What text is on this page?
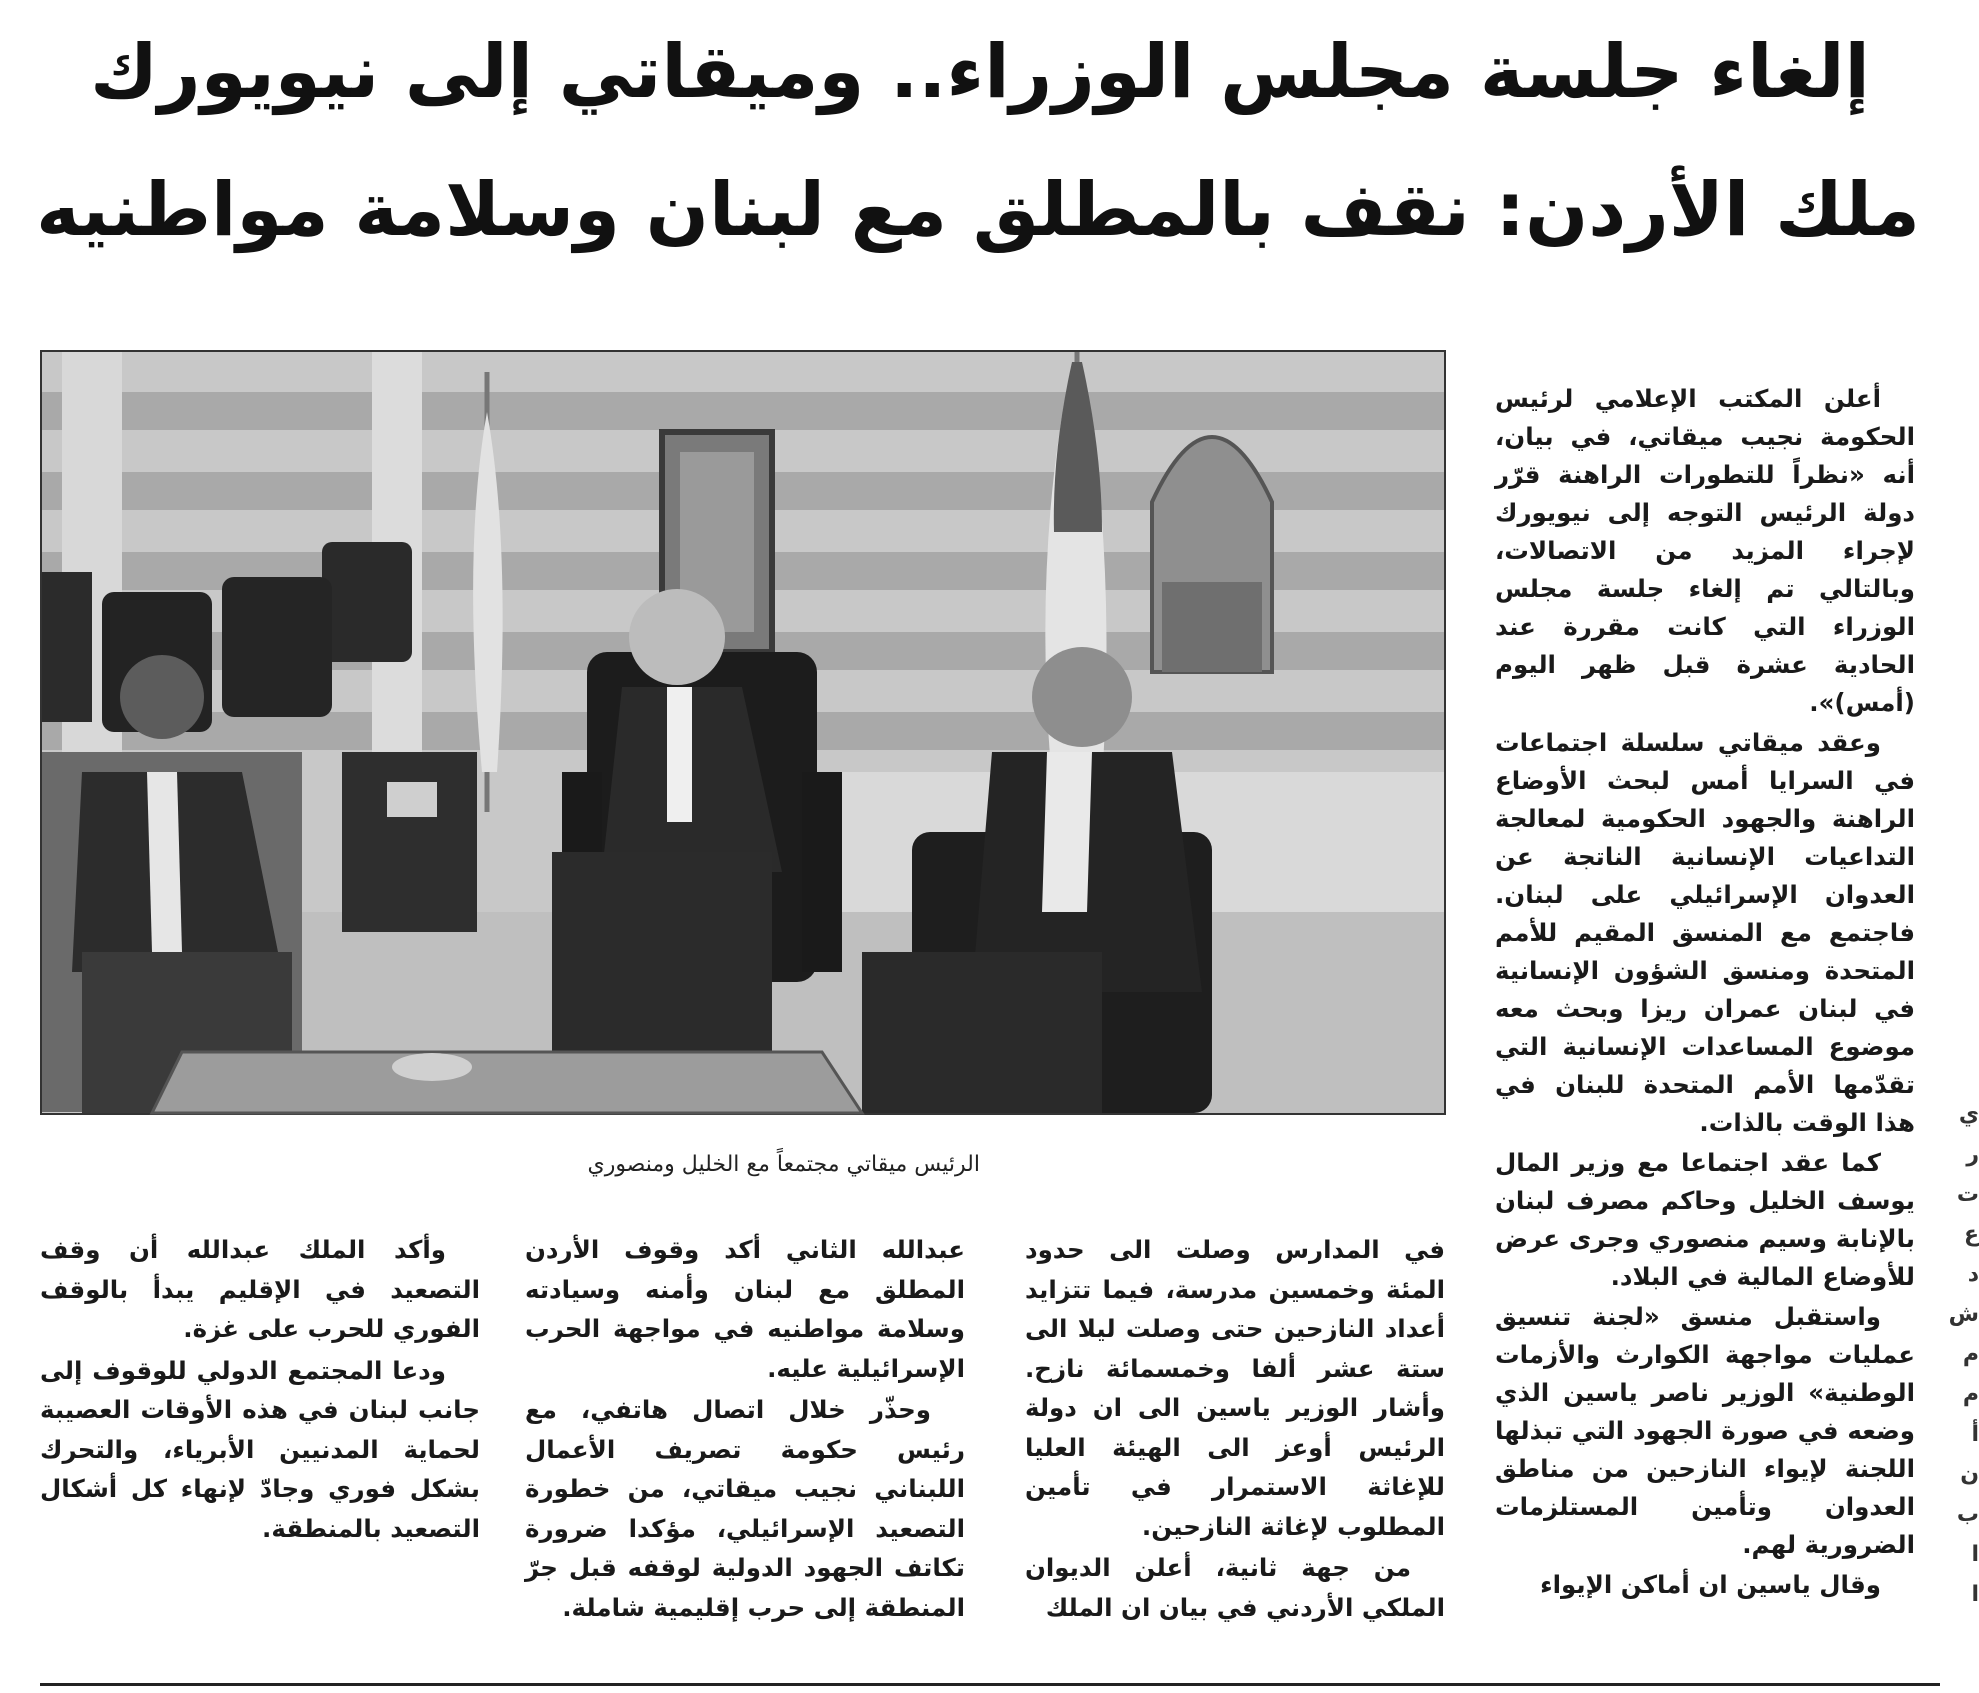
إلغاء جلسة مجلس الوزراء.. وميقاتي إلى نيويورك
ملك الأردن: نقف بالمطلق مع لبنان وسلامة مواطنيه

أعلن المكتب الإعلامي لرئيس الحكومة نجيب ميقاتي، في بيان، أنه «نظراً للتطورات الراهنة قرّر دولة الرئيس التوجه إلى نيويورك لإجراء المزيد من الاتصالات، وبالتالي تم إلغاء جلسة مجلس الوزراء التي كانت مقررة عند الحادية عشرة قبل ظهر اليوم (أمس)».

وعقد ميقاتي سلسلة اجتماعات في السرايا أمس لبحث الأوضاع الراهنة والجهود الحكومية لمعالجة التداعيات الإنسانية الناتجة عن العدوان الإسرائيلي على لبنان. فاجتمع مع المنسق المقيم للأمم المتحدة ومنسق الشؤون الإنسانية في لبنان عمران ريزا وبحث معه موضوع المساعدات الإنسانية التي تقدّمها الأمم المتحدة للبنان في هذا الوقت بالذات.

كما عقد اجتماعا مع وزير المال يوسف الخليل وحاكم مصرف لبنان بالإنابة وسيم منصوري وجرى عرض للأوضاع المالية في البلاد.

واستقبل منسق «لجنة تنسيق عمليات مواجهة الكوارث والأزمات الوطنية» الوزير ناصر ياسين الذي وضعه في صورة الجهود التي تبذلها اللجنة لإيواء النازحين من مناطق العدوان وتأمين المستلزمات الضرورية لهم.

وقال ياسين ان أماكن الإيواء

الرئيس ميقاتي مجتمعاً مع الخليل ومنصوري

في المدارس وصلت الى حدود المئة وخمسين مدرسة، فيما تتزايد أعداد النازحين حتى وصلت ليلا الى ستة عشر ألفا وخمسمائة نازح. وأشار الوزير ياسين الى ان دولة الرئيس أوعز الى الهيئة العليا للإغاثة الاستمرار في تأمين المطلوب لإغاثة النازحين.

من جهة ثانية، أعلن الديوان الملكي الأردني في بيان ان الملك

عبدالله الثاني أكد وقوف الأردن المطلق مع لبنان وأمنه وسيادته وسلامة مواطنيه في مواجهة الحرب الإسرائيلية عليه.

وحذّر خلال اتصال هاتفي، مع رئيس حكومة تصريف الأعمال اللبناني نجيب ميقاتي، من خطورة التصعيد الإسرائيلي، مؤكدا ضرورة تكاتف الجهود الدولية لوقفه قبل جرّ المنطقة إلى حرب إقليمية شاملة.

وأكد الملك عبدالله أن وقف التصعيد في الإقليم يبدأ بالوقف الفوري للحرب على غزة.

ودعا المجتمع الدولي للوقوف إلى جانب لبنان في هذه الأوقات العصيبة لحماية المدنيين الأبرياء، والتحرك بشكل فوري وجادّ لإنهاء كل أشكال التصعيد بالمنطقة.

ي ر ت ع د ش م م أ ن ب ا ا
